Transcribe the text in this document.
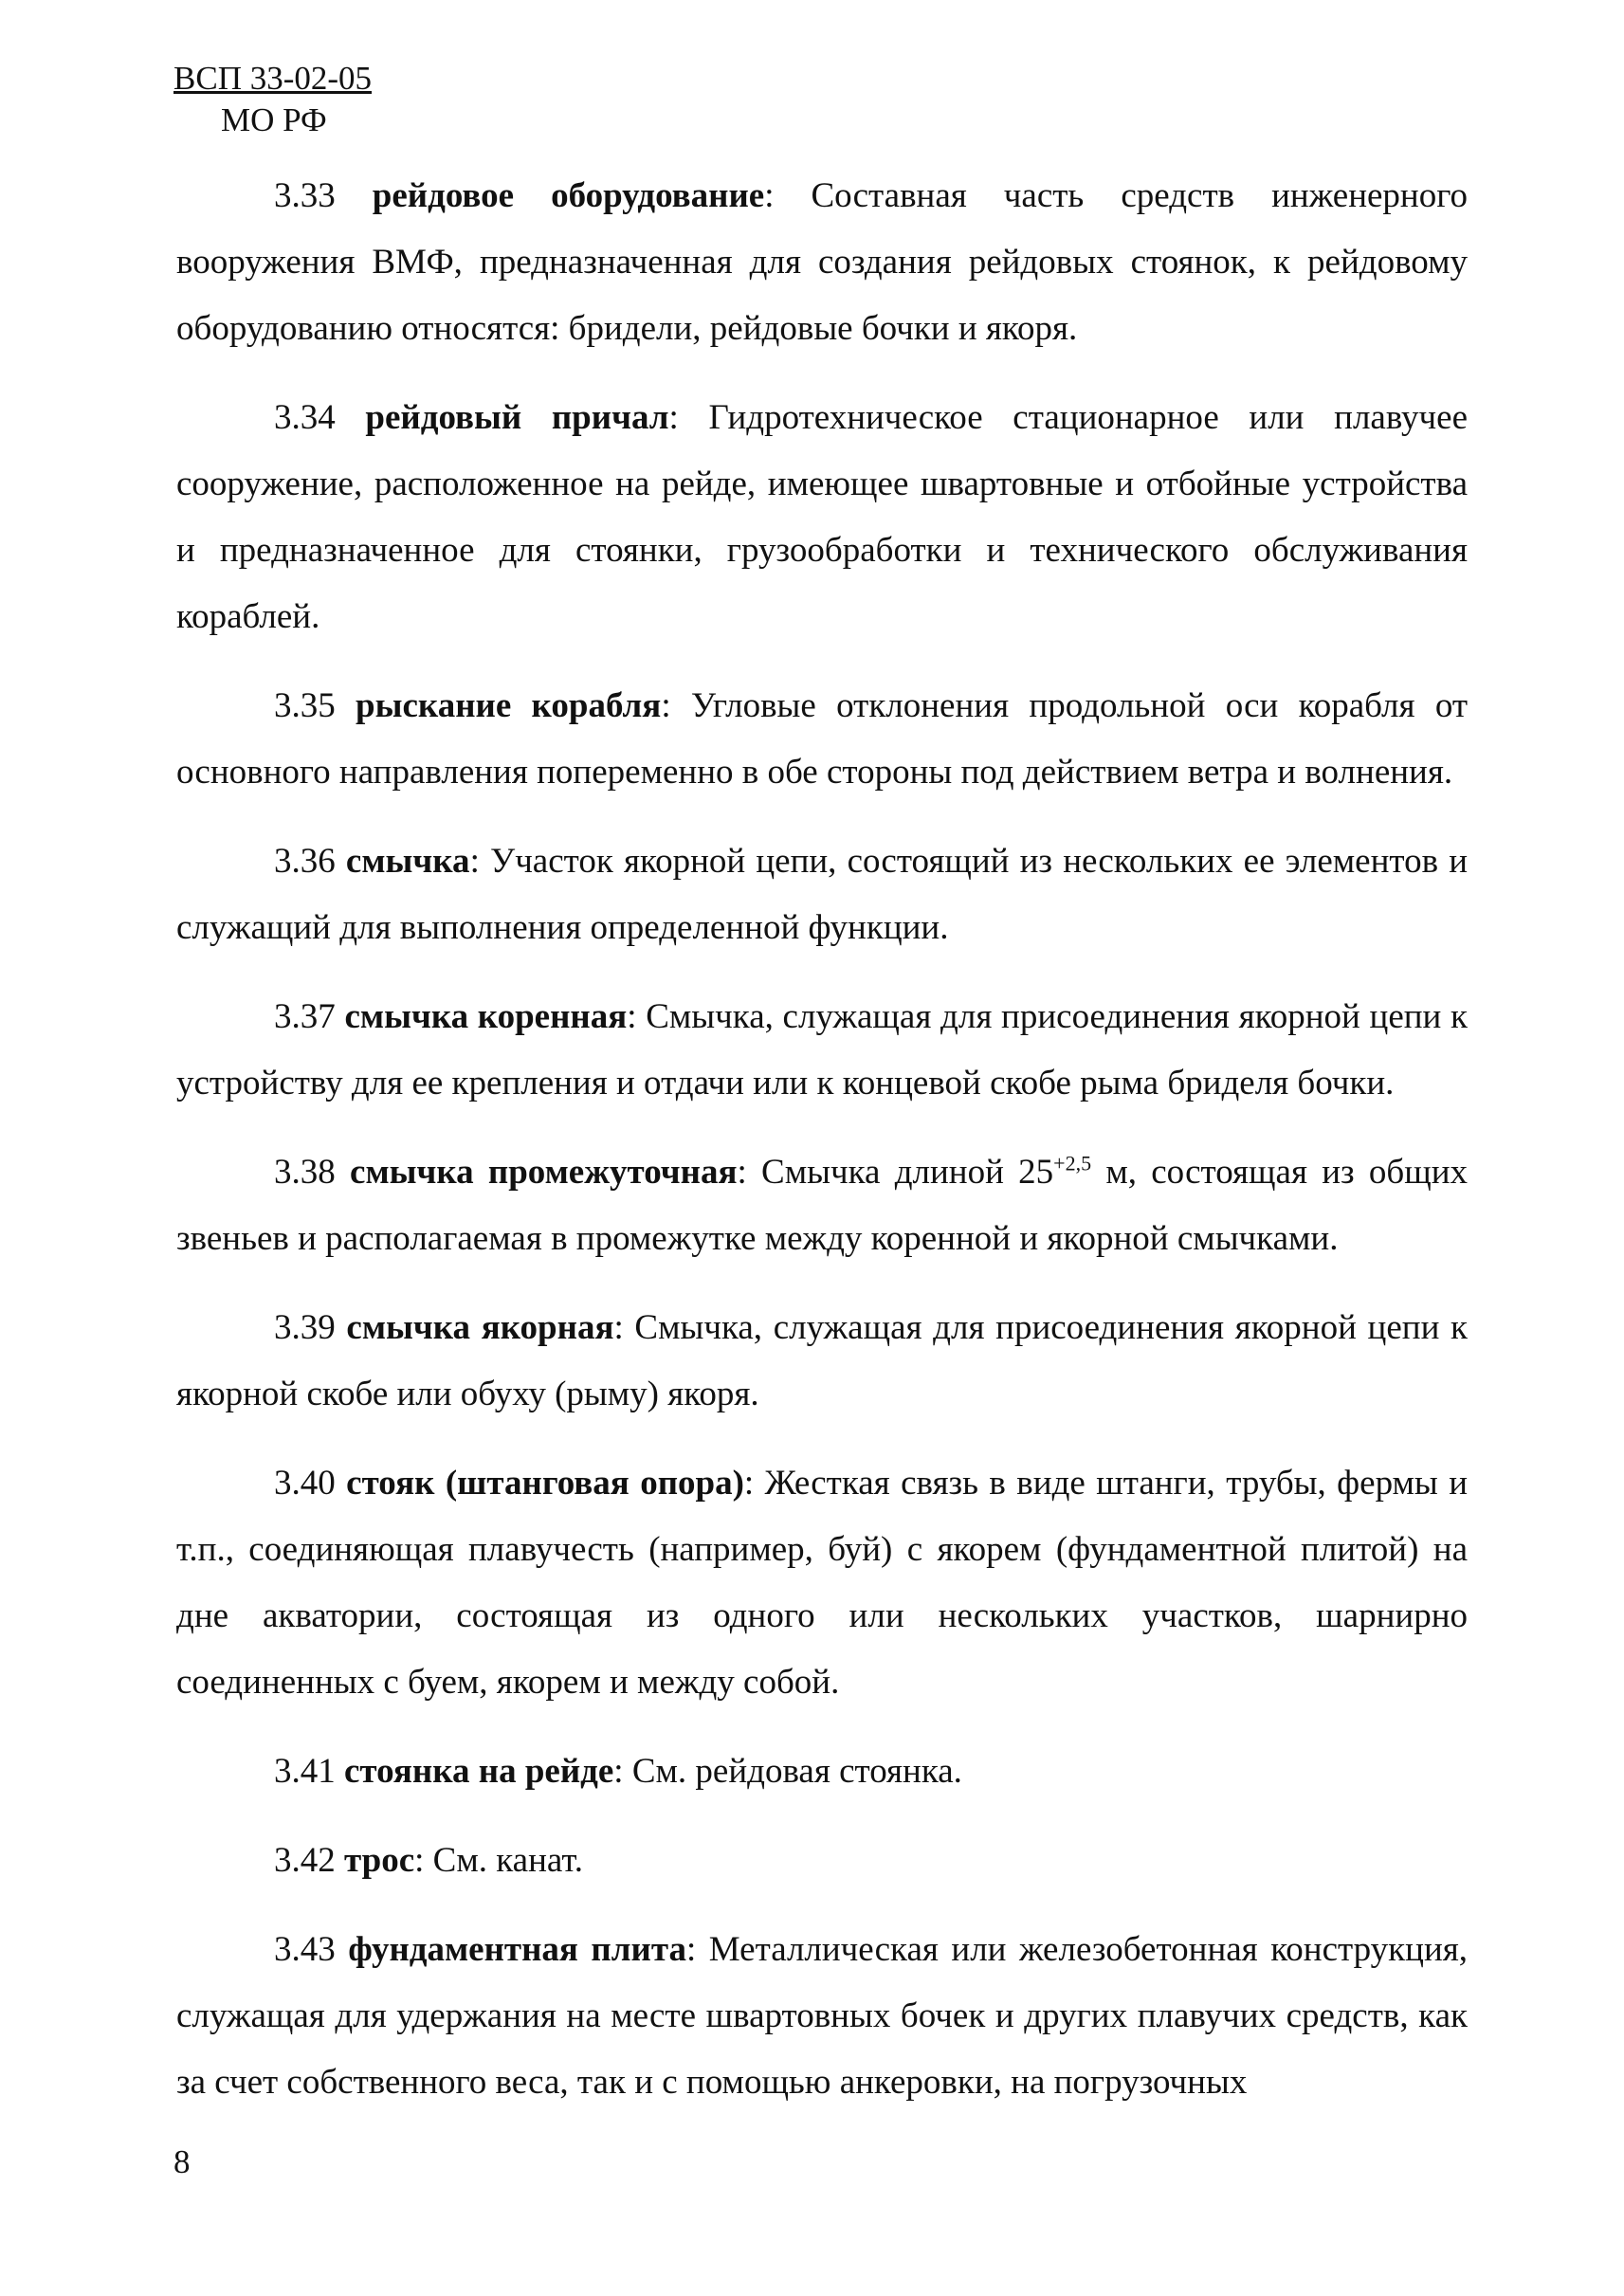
ВСП 33-02-05
МО РФ

3.33 рейдовое оборудование: Составная часть средств инженерного вооружения ВМФ, предназначенная для создания рейдовых стоянок, к рейдовому оборудованию относятся: бридели, рейдовые бочки и якоря.

3.34 рейдовый причал: Гидротехническое стационарное или плавучее сооружение, расположенное на рейде, имеющее швартовные и отбойные устройства и предназначенное для стоянки, грузообработки и технического обслуживания кораблей.

3.35 рыскание корабля: Угловые отклонения продольной оси корабля от основного направления попеременно в обе стороны под действием ветра и волнения.

3.36 смычка: Участок якорной цепи, состоящий из нескольких ее элементов и служащий для выполнения определенной функции.

3.37 смычка коренная: Смычка, служащая для присоединения якорной цепи к устройству для ее крепления и отдачи или к концевой скобе рыма бриделя бочки.

3.38 смычка промежуточная: Смычка длиной $25^{+2,5}$ м, состоящая из общих звеньев и располагаемая в промежутке между коренной и якорной смычками.

3.39 смычка якорная: Смычка, служащая для присоединения якорной цепи к якорной скобе или обуху (рыму) якоря.

3.40 стояк (штанговая опора): Жесткая связь в виде штанги, трубы, фермы и т.п., соединяющая плавучесть (например, буй) с якорем (фундаментной плитой) на дне акватории, состоящая из одного или нескольких участков, шарнирно соединенных с буем, якорем и между собой.

3.41 стоянка на рейде: См. рейдовая стоянка.

3.42 трос: См. канат.

3.43 фундаментная плита: Металлическая или железобетонная конструкция, служащая для удержания на месте швартовных бочек и других плавучих средств, как за счет собственного веса, так и с помощью анкеровки, на погрузочных

8
